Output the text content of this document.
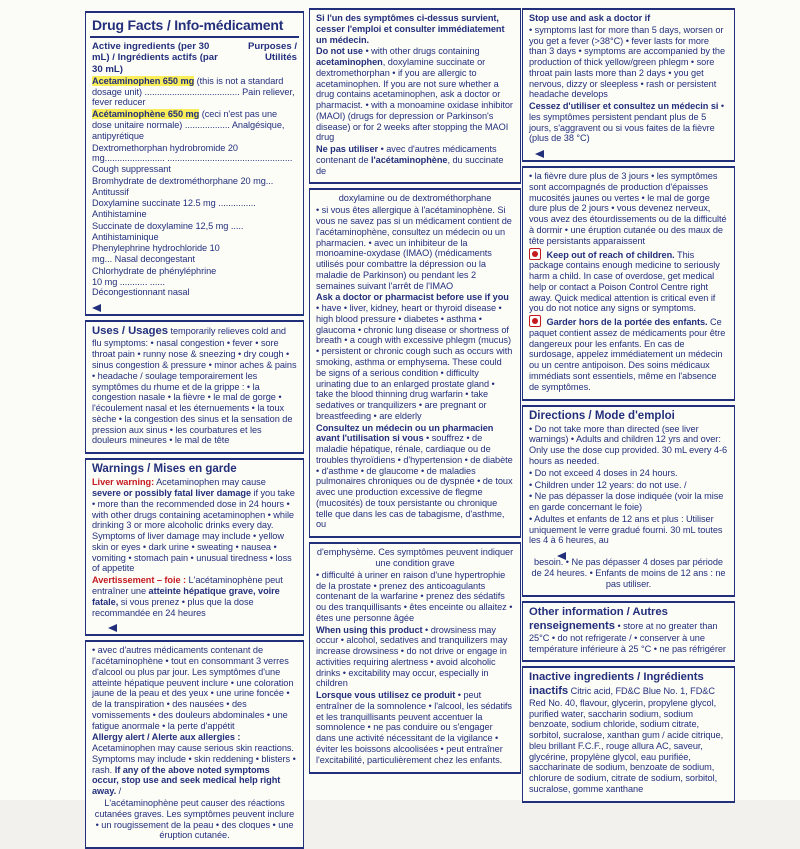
Drug Facts / Info-médicament
Active ingredients (per 30 mL) / Ingrédients actifs (par 30 mL)
Purposes / Utilités

Acetaminophen 650 mg (this is not a standard dosage unit) ...................................... Pain reliever, fever reducer

Acétaminophène 650 mg (ceci n'est pas une dose unitaire normale) .................. Analgésique, antipyrétique

Dextromethorphan hydrobromide 20 mg........................ .................................................. Cough suppressant

Bromhydrate de dextrométhorphane 20 mg... Antitussif

Doxylamine succinate 12.5 mg ............... Antihistamine

Succinate de doxylamine 12,5 mg ..... Antihistaminique

Phenylephrine hydrochloride 10 mg... Nasal decongestant

Chlorhydrate de phényléphrine 10 mg ........... ...... Décongestionnant nasal

Uses / Usages temporarily relieves cold and flu symptoms: • nasal congestion • fever • sore throat pain • runny nose & sneezing • dry cough • sinus congestion & pressure • minor aches & pains • headache / soulage temporairement les symptômes du rhume et de la grippe : • la congestion nasale • la fièvre • le mal de gorge • l'écoulement nasal et les éternuements • la toux sèche • la congestion des sinus et la sensation de pression aux sinus • les courbatures et les douleurs mineures • le mal de tête

Warnings / Mises en garde

Liver warning: Acetaminophen may cause severe or possibly fatal liver damage if you take • more than the recommended dose in 24 hours • with other drugs containing acetaminophen • while drinking 3 or more alcoholic drinks every day. Symptoms of liver damage may include • yellow skin or eyes • dark urine • sweating • nausea • vomiting • stomach pain • unusual tiredness • loss of appetite

Avertissement – foie : L'acétaminophène peut entraîner une atteinte hépatique grave, voire fatale, si vous prenez • plus que la dose recommandée en 24 heures

• avec d'autres médicaments contenant de l'acétaminophène • tout en consommant 3 verres d'alcool ou plus par jour. Les symptômes d'une atteinte hépatique peuvent inclure • une coloration jaune de la peau et des yeux • une urine foncée • de la transpiration • des nausées • des vomissements • des douleurs abdominales • une fatigue anormale • la perte d'appétit

Allergy alert / Alerte aux allergies : Acetaminophen may cause serious skin reactions. Symptoms may include • skin reddening • blisters • rash. If any of the above noted symptoms occur, stop use and seek medical help right away. /

L'acétaminophène peut causer des réactions cutanées graves. Les symptômes peuvent inclure • un rougissement de la peau • des cloques • une éruption cutanée.

Si l'un des symptômes ci-dessus survient, cesser l'emploi et consulter immédiatement un médecin.

Do not use • with other drugs containing acetaminophen, doxylamine succinate or dextromethorphan • if you are allergic to acetaminophen. If you are not sure whether a drug contains acetaminophen, ask a doctor or pharmacist. • with a monoamine oxidase inhibitor (MAOI) (drugs for depression or Parkinson's disease) or for 2 weeks after stopping the MAOI drug

Ne pas utiliser • avec d'autres médicaments contenant de l'acétaminophène, du succinate de

doxylamine ou de dextrométhorphane

• si vous êtes allergique à l'acétaminophène. Si vous ne savez pas si un médicament contient de l'acétaminophène, consultez un médecin ou un pharmacien. • avec un inhibiteur de la monoamine-oxydase (IMAO) (médicaments utilisés pour combattre la dépression ou la maladie de Parkinson) ou pendant les 2 semaines suivant l'arrêt de l'IMAO

Ask a doctor or pharmacist before use if you • have • liver, kidney, heart or thyroid disease • high blood pressure • diabetes • asthma • glaucoma • chronic lung disease or shortness of breath • a cough with excessive phlegm (mucus) • persistent or chronic cough such as occurs with smoking, asthma or emphysema. These could be signs of a serious condition • difficulty urinating due to an enlarged prostate gland • take the blood thinning drug warfarin • take sedatives or tranquilizers • are pregnant or breastfeeding • are elderly

Consultez un médecin ou un pharmacien avant l'utilisation si vous • souffrez • de maladie hépatique, rénale, cardiaque ou de troubles thyroïdiens • d'hypertension • de diabète • d'asthme • de glaucome • de maladies pulmonaires chroniques ou de dyspnée • de toux avec une production excessive de flegme (mucosités) de toux persistante ou chronique telle que dans les cas de tabagisme, d'asthme, ou

d'emphysème. Ces symptômes peuvent indiquer une condition grave

• difficulté à uriner en raison d'une hypertrophie de la prostate • prenez des anticoagulants contenant de la warfarine • prenez des sédatifs ou des tranquillisants • êtes enceinte ou allaitez • êtes une personne âgée

When using this product • drowsiness may occur • alcohol, sedatives and tranquilizers may increase drowsiness • do not drive or engage in activities requiring alertness • avoid alcoholic drinks • excitability may occur, especially in children

Lorsque vous utilisez ce produit • peut entraîner de la somnolence • l'alcool, les sédatifs et les tranquillisants peuvent accentuer la somnolence • ne pas conduire ou s'engager dans une activité nécessitant de la vigilance • éviter les boissons alcoolisées • peut entraîner l'excitabilité, particulièrement chez les enfants.

Stop use and ask a doctor if

• symptoms last for more than 5 days, worsen or you get a fever (>38°C) • fever lasts for more than 3 days • symptoms are accompanied by the production of thick yellow/green phlegm • sore throat pain lasts more than 2 days • you get nervous, dizzy or sleepless • rash or persistent headache develops

Cessez d'utiliser et consultez un médecin si • les symptômes persistent pendant plus de 5 jours, s'aggravent ou si vous faites de la fièvre (plus de 38 °C)

• la fièvre dure plus de 3 jours • les symptômes sont accompagnés de production d'épaisses mucosités jaunes ou vertes • le mal de gorge dure plus de 2 jours • vous devenez nerveux, vous avez des étourdissements ou de la difficulté à dormir • une éruption cutanée ou des maux de tête persistants apparaissent

Keep out of reach of children. This package contains enough medicine to seriously harm a child. In case of overdose, get medical help or contact a Poison Control Centre right away. Quick medical attention is critical even if you do not notice any signs or symptoms.

Garder hors de la portée des enfants. Ce paquet contient assez de médicaments pour être dangereux pour les enfants. En cas de surdosage, appelez immédiatement un médecin ou un centre antipoison. Des soins médicaux immédiats sont essentiels, même en l'absence de symptômes.

Directions / Mode d'emploi

• Do not take more than directed (see liver warnings) • Adults and children 12 yrs and over: Only use the dose cup provided. 30 mL every 4-6 hours as needed.

• Do not exceed 4 doses in 24 hours.

• Children under 12 years: do not use. /

• Ne pas dépasser la dose indiquée (voir la mise en garde concernant le foie)

• Adultes et enfants de 12 ans et plus : Utiliser uniquement le verre gradué fourni. 30 mL toutes les 4 à 6 heures, au

besoin. • Ne pas dépasser 4 doses par période de 24 heures. • Enfants de moins de 12 ans : ne pas utiliser.

Other information / Autres renseignements • store at no greater than 25°C • do not refrigerate / • conserver à une température inférieure à 25 °C • ne pas réfrigérer

Inactive ingredients / Ingrédients inactifs Citric acid, FD&C Blue No. 1, FD&C Red No. 40, flavour, glycerin, propylene glycol, purified water, saccharin sodium, sodium benzoate, sodium chloride, sodium citrate, sorbitol, sucralose, xanthan gum / acide citrique, bleu brillant F.C.F., rouge allura AC, saveur, glycérine, propylène glycol, eau purifiée, saccharinate de sodium, benzoate de sodium, chlorure de sodium, citrate de sodium, sorbitol, sucralose, gomme xanthane
